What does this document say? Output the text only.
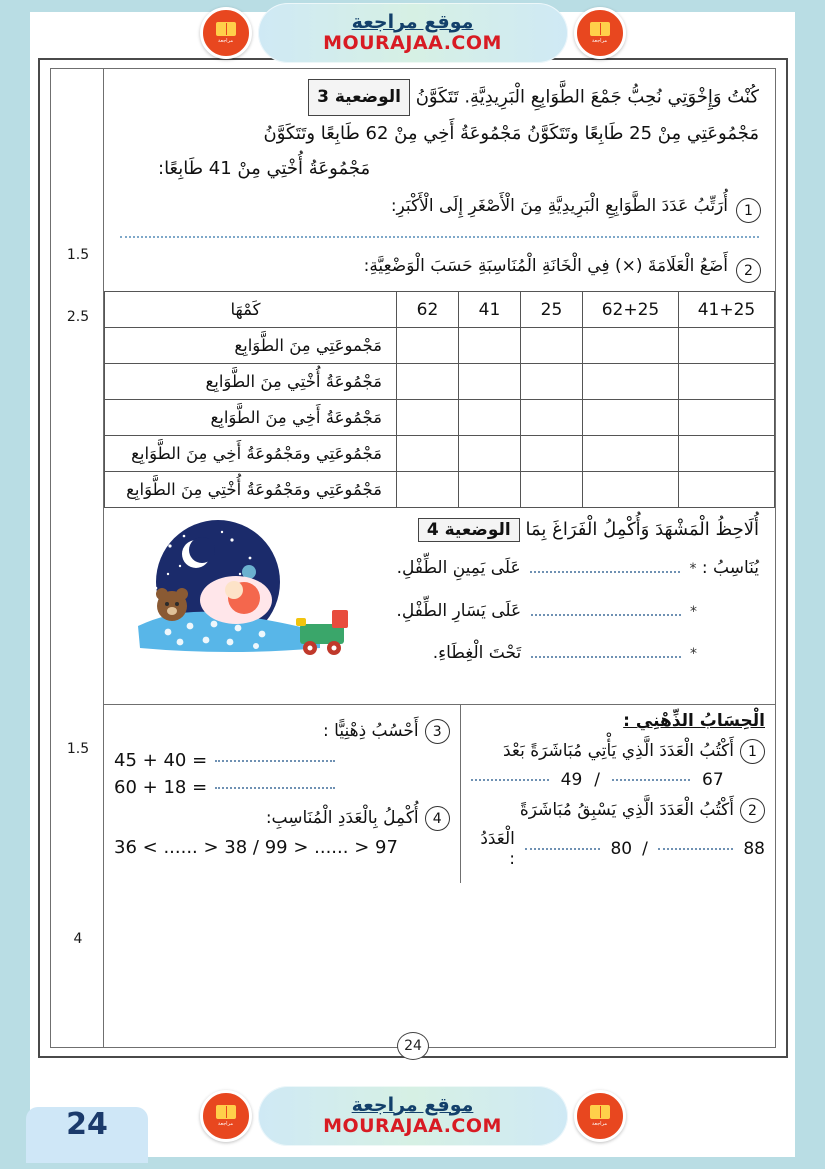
مراجعة
موقع مراجعة
MOURAJAA.COM
مراجعة
1.5
2.5
1.5
4

كُنْتُ وَإِخْوَتِي نُحِبُّ جَمْعَ الطَّوَابِعِ الْبَرِيدِيَّةِ. تَتَكَوَّنُ الوضعية 3

مَجْمُوعَتِي مِنْ 25 طَابِعًا وتَتَكَوَّنُ مَجْمُوعَةُ أَخِي مِنْ 62 طَابِعًا وتَتَكَوَّنُ

مَجْمُوعَةُ أُخْتِي مِنْ 41 طَابِعًا:

1
أُرَتِّبُ عَدَدَ الطَّوَابِعِ الْبَرِيدِيَّةِ مِنَ الْأَصْغَرِ إِلَى الْأَكْبَرِ:
2
أَضَعُ الْعَلَامَةَ (×) فِي الْخَانَةِ الْمُنَاسِبَةِ حَسَبَ الْوَضْعِيَّةِ:
41+25	62+25	25	41	62	كَمْهَا
					مَجْموعَتِي مِنَ الطَّوَابِع
					مَجْمُوعَةُ أُخْتِي مِنَ الطَّوَابِع
					مَجْمُوعَةُ أَخِي مِنَ الطَّوَابِع
					مَجْمُوعَتِي ومَجْمُوعَةُ أَخِي مِنَ الطَّوَابِع
					مَجْمُوعَتِي ومَجْمُوعَةُ أُخْتِي مِنَ الطَّوَابِع

أُلَاحِظُ الْمَشْهَدَ وَأُكْمِلُ الْفَرَاغَ بِمَا الوضعية 4

يُنَاسِبُ : *  عَلَى يَمِينِ الطِّفْلِ.

*  عَلَى يَسَارِ الطِّفْلِ.

*  تَحْتَ الْغِطَاءِ.

الْحِسَابُ الذِّهْنِي :
1
أَكْتُبُ الْعَدَدَ الَّذِي يَأْتِي مُبَاشَرَةً بَعْدَ
67
/
49
2
أَكْتُبُ الْعَدَدَ الَّذِي يَسْبِقُ مُبَاشَرَةً
88
/
80
الْعَدَدُ :
3
أَحْسُبُ ذِهْنِيًّا :
45 + 40 =
60 + 18 =
4
أُكْمِلُ بِالْعَدَدِ الْمُنَاسِبِ:
36 < ...... > 38 / 99 > ...... > 97
24
24	مراجعة
موقع مراجعة
MOURAJAA.COM
مراجعة
